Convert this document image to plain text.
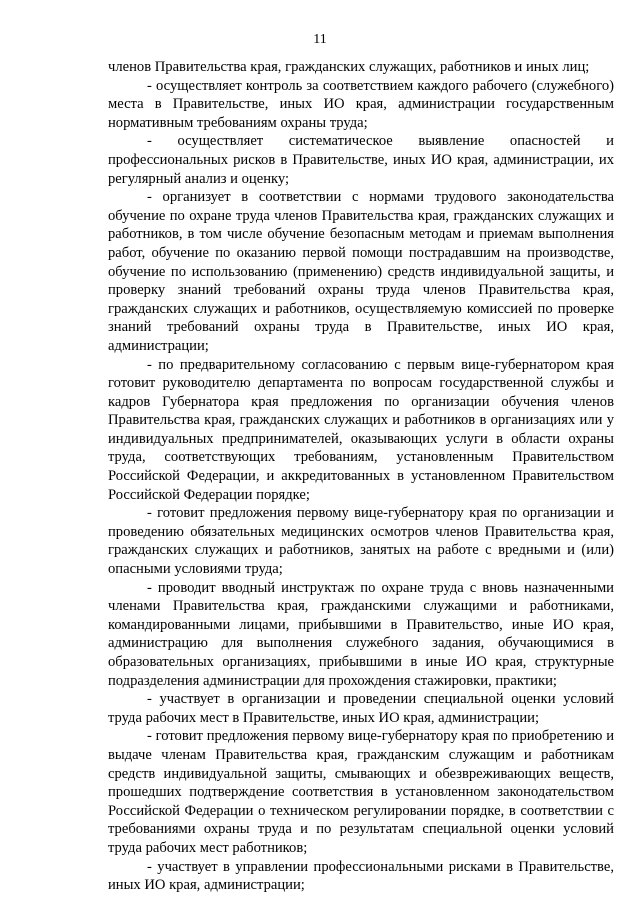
11

членов Правительства края, гражданских служащих, работников и иных лиц;

- осуществляет контроль за соответствием каждого рабочего (служебного) места в Правительстве, иных ИО края, администрации государственным нормативным требованиям охраны труда;

- осуществляет систематическое выявление опасностей и профессиональных рисков в Правительстве, иных ИО края, администрации, их регулярный анализ и оценку;

- организует в соответствии с нормами трудового законодательства обучение по охране труда членов Правительства края, гражданских служащих и работников, в том числе обучение безопасным методам и приемам выполнения работ, обучение по оказанию первой помощи пострадавшим на производстве, обучение по использованию (применению) средств индивидуальной защиты, и проверку знаний требований охраны труда членов Правительства края, гражданских служащих и работников, осуществляемую комиссией по проверке знаний требований охраны труда в Правительстве, иных ИО края, администрации;

- по предварительному согласованию с первым вице-губернатором края готовит руководителю департамента по вопросам государственной службы и кадров Губернатора края предложения по организации обучения членов Правительства края, гражданских служащих и работников в организациях или у индивидуальных предпринимателей, оказывающих услуги в области охраны труда, соответствующих требованиям, установленным Правительством Российской Федерации, и аккредитованных в установленном Правительством Российской Федерации порядке;

- готовит предложения первому вице-губернатору края по организации и проведению обязательных медицинских осмотров членов Правительства края, гражданских служащих и работников, занятых на работе с вредными и (или) опасными условиями труда;

- проводит вводный инструктаж по охране труда с вновь назначенными членами Правительства края, гражданскими служащими и работниками, командированными лицами, прибывшими в Правительство, иные ИО края, администрацию для выполнения служебного задания, обучающимися в образовательных организациях, прибывшими в иные ИО края, структурные подразделения администрации для прохождения стажировки, практики;

- участвует в организации и проведении специальной оценки условий труда рабочих мест в Правительстве, иных ИО края, администрации;

- готовит предложения первому вице-губернатору края по приобретению и выдаче членам Правительства края, гражданским служащим и работникам средств индивидуальной защиты, смывающих и обезвреживающих веществ, прошедших подтверждение соответствия в установленном законодательством Российской Федерации о техническом регулировании порядке, в соответствии с требованиями охраны труда и по результатам специальной оценки условий труда рабочих мест работников;

- участвует в управлении профессиональными рисками в Правительстве, иных ИО края, администрации;
